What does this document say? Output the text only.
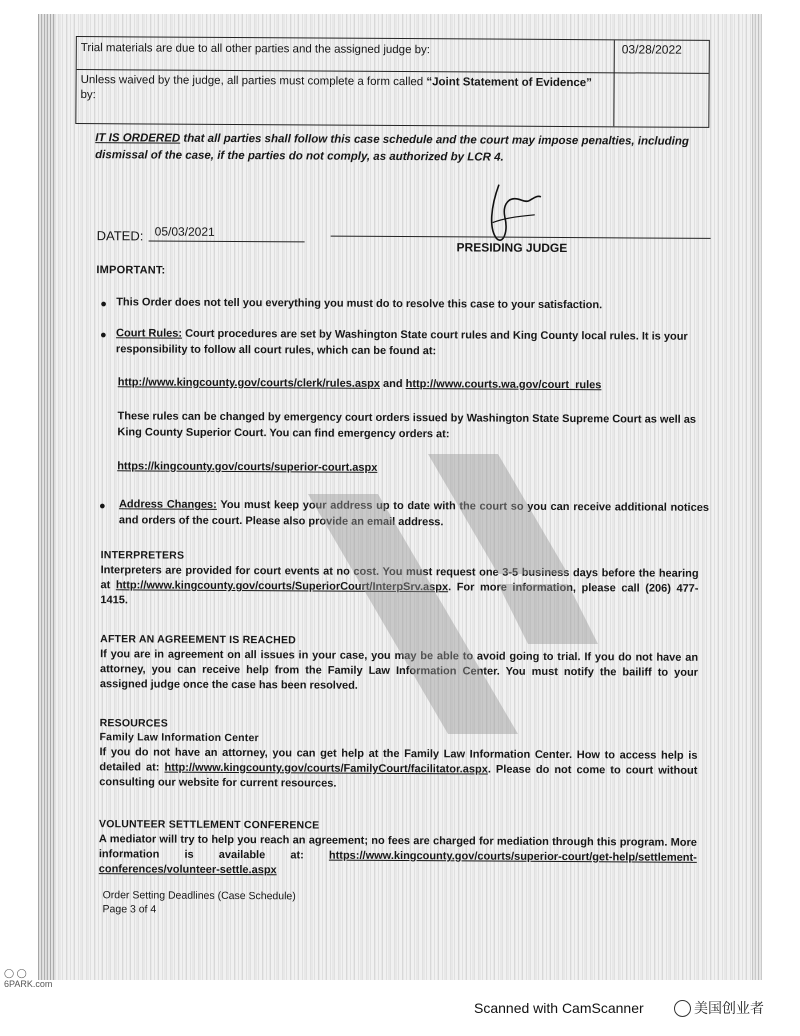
Trial materials are due to all other parties and the assigned judge by:
Unless waived by the judge, all parties must complete a form called “Joint Statement of Evidence” by:
03/28/2022
IT IS ORDERED that all parties shall follow this case schedule and the court may impose penalties, including dismissal of the case, if the parties do not comply, as authorized by LCR 4.
DATED: 05/03/2021
PRESIDING JUDGE
IMPORTANT:
● This Order does not tell you everything you must do to resolve this case to your satisfaction.
● Court Rules: Court procedures are set by Washington State court rules and King County local rules. It is your responsibility to follow all court rules, which can be found at:
http://www.kingcounty.gov/courts/clerk/rules.aspx and http://www.courts.wa.gov/court_rules
These rules can be changed by emergency court orders issued by Washington State Supreme Court as well as King County Superior Court. You can find emergency orders at:
https://kingcounty.gov/courts/superior-court.aspx
● Address Changes: You must keep your address up to date with the court so you can receive additional notices and orders of the court. Please also provide an email address.
INTERPRETERS
Interpreters are provided for court events at no cost. You must request one 3-5 business days before the hearing at http://www.kingcounty.gov/courts/SuperiorCourt/InterpSrv.aspx. For more information, please call (206) 477-1415.
AFTER AN AGREEMENT IS REACHED
If you are in agreement on all issues in your case, you may be able to avoid going to trial. If you do not have an attorney, you can receive help from the Family Law Information Center. You must notify the bailiff to your assigned judge once the case has been resolved.
RESOURCES
Family Law Information Center
If you do not have an attorney, you can get help at the Family Law Information Center. How to access help is detailed at: http://www.kingcounty.gov/courts/FamilyCourt/facilitator.aspx. Please do not come to court without consulting our website for current resources.
VOLUNTEER SETTLEMENT CONFERENCE
A mediator will try to help you reach an agreement; no fees are charged for mediation through this program. More information is available at: https://www.kingcounty.gov/courts/superior-court/get-help/settlement-conferences/volunteer-settle.aspx
Order Setting Deadlines (Case Schedule)
Page 3 of 4
◯ ◯
6PARK.com
Scanned with CamScanner	美国创业者
